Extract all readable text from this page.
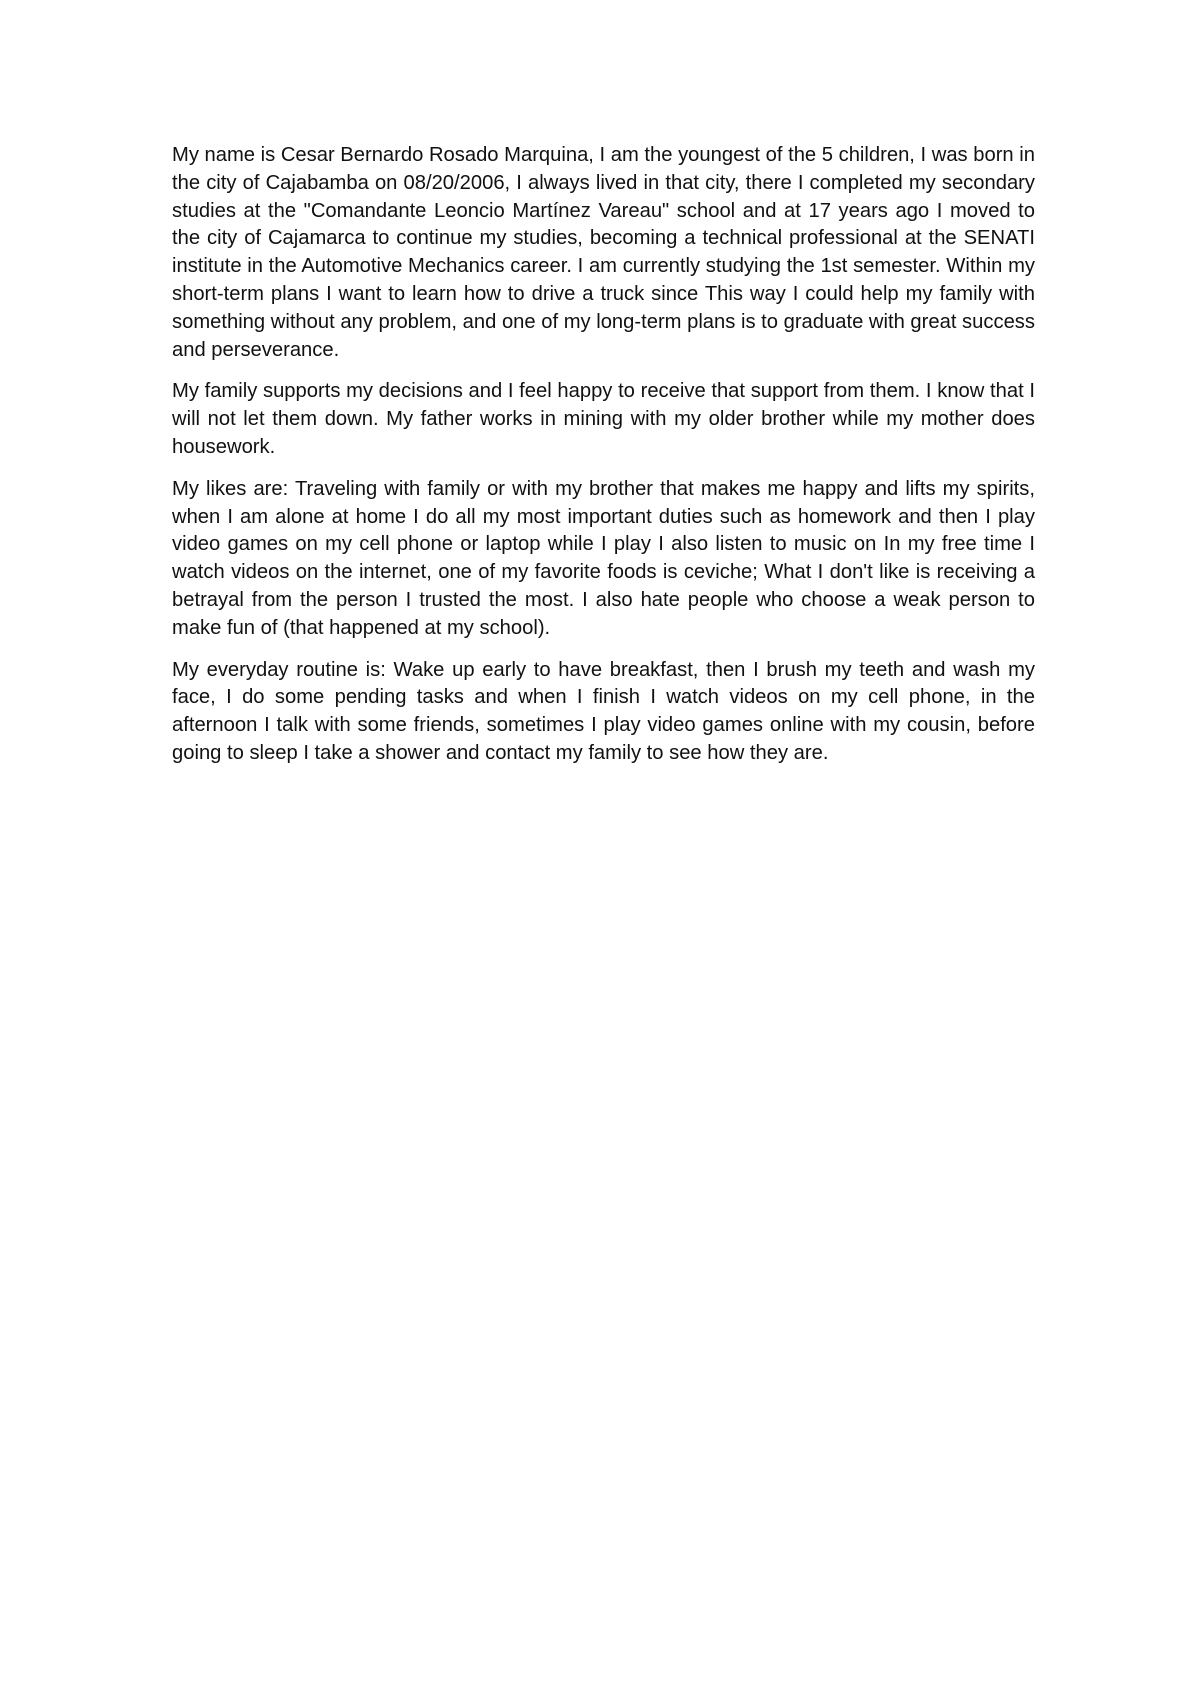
My name is Cesar Bernardo Rosado Marquina, I am the youngest of the 5 children, I was born in the city of Cajabamba on 08/20/2006, I always lived in that city, there I completed my secondary studies at the "Comandante Leoncio Martínez Vareau" school and at 17 years ago I moved to the city of Cajamarca to continue my studies, becoming a technical professional at the SENATI institute in the Automotive Mechanics career. I am currently studying the 1st semester. Within my short-term plans I want to learn how to drive a truck since This way I could help my family with something without any problem, and one of my long-term plans is to graduate with great success and perseverance.

My family supports my decisions and I feel happy to receive that support from them. I know that I will not let them down. My father works in mining with my older brother while my mother does housework.

My likes are: Traveling with family or with my brother that makes me happy and lifts my spirits, when I am alone at home I do all my most important duties such as homework and then I play video games on my cell phone or laptop while I play I also listen to music on In my free time I watch videos on the internet, one of my favorite foods is ceviche; What I don't like is receiving a betrayal from the person I trusted the most. I also hate people who choose a weak person to make fun of (that happened at my school).

My everyday routine is: Wake up early to have breakfast, then I brush my teeth and wash my face, I do some pending tasks and when I finish I watch videos on my cell phone, in the afternoon I talk with some friends, sometimes I play video games online with my cousin, before going to sleep I take a shower and contact my family to see how they are.
